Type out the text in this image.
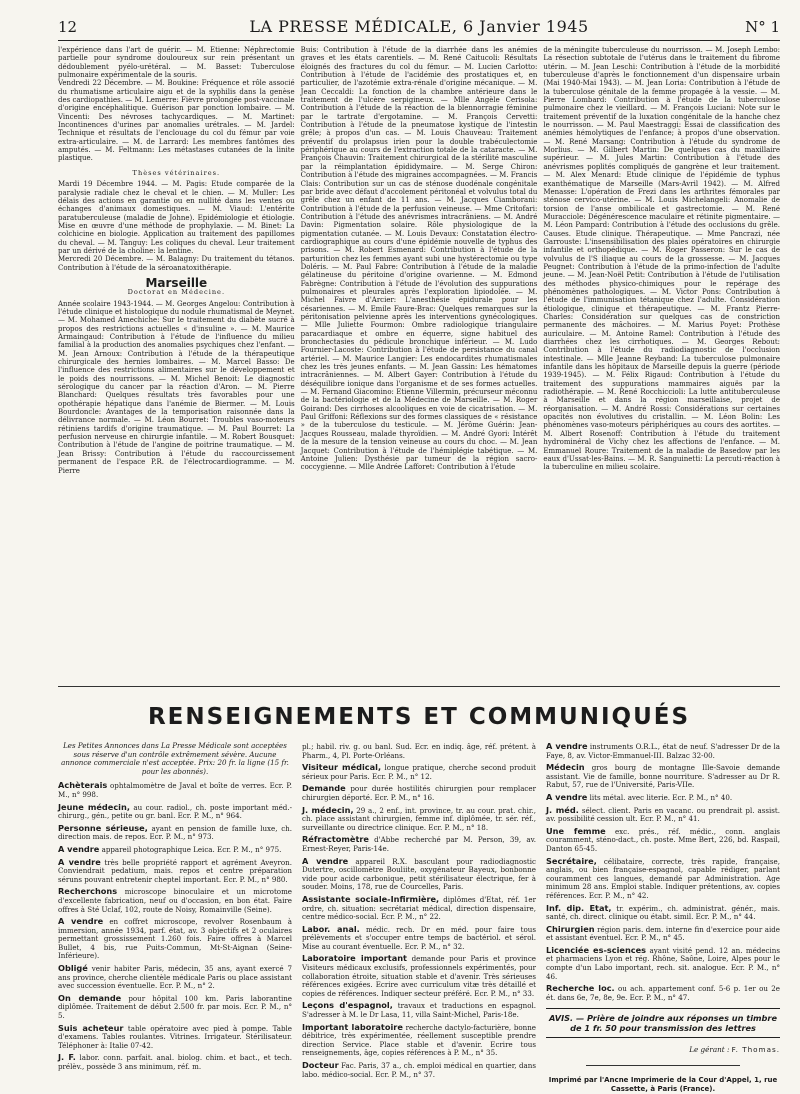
12	LA PRESSE MÉDICALE, 6 Janvier 1945	N° 1

l'expérience dans l'art de guérir. — M. Etienne: Néphrectomie partielle pour syndrome douloureux sur rein présentant un dédoublement pyélo-urétéral. — M. Basset: Tuberculose pulmonaire expérimentale de la souris.

Vendredi 22 Décembre. — M. Boukine: Fréquence et rôle associé du rhumatisme articulaire aigu et de la syphilis dans la genèse des cardiopathies. — M. Lemerre: Fièvre prolongée post-vaccinale d'origine encéphalitique. Guérison par ponction lombaire. — M. Vincenti: Des névroses tachycardiques. — M. Martinet: Incontinences d'urines par anomalies urétrales. — M. Jardel: Technique et résultats de l'enclouage du col du fémur par voie extra-articulaire. — M. de Larrard: Les membres fantômes des amputés. — M. Feltmann: Les métastases cutanées de la linite plastique.

Thèses vétérinaires.

Mardi 19 Décembre 1944. — M. Pagis: Etude comparée de la paralysie radiale chez le cheval et le chien. — M. Muller: Les délais des actions en garantie ou en nullité dans les ventes ou échanges d'animaux domestiques. — M. Viaud: L'entérite paratuberculeuse (maladie de Johne). Epidémiologie et étiologie. Mise en œuvre d'une méthode de prophylaxie. — M. Binet: La colchicine en biologie. Application au traitement des papillomes du cheval. — M. Tanguy: Les coliques du cheval. Leur traitement par un dérivé de la choline: la lentine.

Mercredi 20 Décembre. — M. Balagny: Du traitement du tétanos. Contribution à l'étude de la séroanatoxithérapie.

Marseille
Doctorat en Médecine.

Année scolaire 1943-1944. — M. Georges Angelou: Contribution à l'étude clinique et histologique du nodule rhumatismal de Meynet. — M. Mohamed Amechiche: Sur le traitement du diabète sucré à propos des restrictions actuelles « d'insuline ». — M. Maurice Armaingaud: Contribution à l'étude de l'influence du milieu familial à la production des anomalies psychiques chez l'enfant. — M. Jean Arnoux: Contribution à l'étude de la thérapeutique chirurgicale des hernies lombaires. — M. Marcel Basso: De l'influence des restrictions alimentaires sur le développement et le poids des nourrissons. — M. Michel Benoit: Le diagnostic sérologique du cancer par la réaction d'Aron. — M. Pierre Blanchard: Quelques résultats très favorables pour une opothérapie hépatique dans l'anémie de Biermer. — M. Louis Bourdoncle: Avantages de la temporisation raisonnée dans la délivrance normale. — M. Léon Bourret: Troubles vaso-moteurs rétiniens tardifs d'origine traumatique. — M. Paul Bourret: La perfusion nerveuse en chirurgie infantile. — M. Robert Bousquet: Contribution à l'étude de l'angine de poitrine traumatique. — M. Jean Brissy: Contribution à l'étude du raccourcissement permanent de l'espace P.R. de l'électrocardiogramme. — M. Pierre

Buis: Contribution à l'étude de la diarrhée dans les anémies graves et les états carentiels. — M. René Caitucoli: Résultats éloignés des fractures du col du fémur. — M. Lucien Carlotto: Contribution à l'étude de l'acidémie des prostatiques et, en particulier, de l'azotémie extra-rénale d'origine mécanique. — M. Jean Ceccaldi: La fonction de la chambre antérieure dans le traitement de l'ulcère serpigineux. — Mlle Angèle Cerisola: Contribution à l'étude de la réaction de la blennorragie féminine par le tartrate d'ergotamine. — M. François Cervetti: Contribution à l'étude de la pneumatose kystique de l'intestin grêle; à propos d'un cas. — M. Louis Chauveau: Traitement préventif du prolapsus irien pour la double trabéculectomie périphérique au cours de l'extraction totale de la cataracte. — M. François Chauvin: Traitement chirurgical de la stérilité masculine par la réimplantation épididymaire. — M. Serge Chiron: Contribution à l'étude des migraines accompagnées. — M. Francis Clais: Contribution sur un cas de sténose duodénale congénitale par bride avec défaut d'accolement péritonéal et volvulus total du grêle chez un enfant de 11 ans. — M. Jacques Ciamborani: Contribution à l'étude de la perfusion veineuse. — Mme Critofari: Contribution à l'étude des anévrismes intracrâniens. — M. André Davin: Pigmentation solaire. Rôle physiologique de la pigmentation cutanée. — M. Louis Devaux: Constatation électro-cardiographique au cours d'une épidémie nouvelle de typhus des prisons. — M. Robert Esmenard: Contribution à l'étude de la parturition chez les femmes ayant subi une hystérectomie ou type Doléris. — M. Paul Fabre: Contribution à l'étude de la maladie gélatineuse du péritoine d'origine ovarienne. — M. Edmond Fabrègne: Contribution à l'étude de l'évolution des suppurations pulmonaires et pleurales après l'exploration lipiodolée. — M. Michel Faivre d'Arcier: L'anesthésie épidurale pour les césariennes. — M. Emile Faure-Brac: Quelques remarques sur la péritonisation pelvienne après les interventions gynécologiques. — Mlle Juliette Fourmon: Ombre radiologique triangulaire paracardiaque et ombre en équerre, signe habituel des bronchectasies du pédicule bronchique inférieur. — M. Ludo Fournier-Lacoste: Contribution à l'étude de persistance du canal artériel. — M. Maurice Langier: Les endocardites rhumatismales chez les très jeunes enfants. — M. Jean Gassin: Les hématomes intracrâniennes. — M. Albert Gayer: Contribution à l'étude du déséquilibre ionique dans l'organisme et de ses formes actuelles. — M. Fernand Giacomino: Etienne Villermin, précurseur méconnu de la bactériologie et de la Médecine de Marseille. — M. Roger Goirand: Des cirrhoses alcooliques en voie de cicatrisation. — M. Paul Griffoni: Réflexions sur des formes classiques de « résistance » de la tuberculose du testicule. — M. Jérôme Guérin: Jean-Jacques Rousseau, malade thyroïdien. — M. André Gyori: Intérêt de la mesure de la tension veineuse au cours du choc. — M. Jean Jacquet: Contribution à l'étude de l'hémiplégie tabétique. — M. Antoine Julien: Dysthésie par tumeur de la région sacro-coccygienne. — Mlle Andrée Lafforet: Contribution à l'étude

de la méningite tuberculeuse du nourrisson. — M. Joseph Lembo: La résection subtotale de l'utérus dans le traitement du fibrome utérin. — M. Jean Leschi: Contribution à l'étude de la morbidité tuberculeuse d'après le fonctionnement d'un dispensaire urbain (Mai 1940-Mai 1943). — M. Jean Loria: Contribution à l'étude de la tuberculose génitale de la femme propagée à la vessie. — M. Pierre Lombard: Contribution à l'étude de la tuberculose pulmonaire chez le vieillard. — M. François Luciani: Note sur le traitement préventif de la luxation congénitale de la hanche chez le nourrisson. — M. Paul Maestraggi: Essai de classification des anémies hémolytiques de l'enfance; à propos d'une observation. — M. René Marsang: Contribution à l'étude du syndrome de Morlius. — M. Gilbert Martin: De quelques cas du maxillaire supérieur. — M. Jules Martin: Contribution à l'étude des anévrismes poplités compliqués de gangrène et leur traitement. — M. Alex Menard: Etude clinique de l'épidémie de typhus exanthématique de Marseille (Mars-Avril 1942). — M. Alfred Menasse: L'opération de Frezi dans les arthrites fémorales par sténose cervico-utérine. — M. Louis Michelangeli: Anomalie de torsion de l'anse ombilicale et gastrectomie. — M. René Muracciole: Dégénérescence maculaire et rétinite pigmentaire. — M. Léon Pampard: Contribution à l'étude des occlusions du grêle. Causes. Etude clinique. Thérapeutique. — Mme Pancrazi, née Garrouste: L'insensibilisation des plaies opératoires en chirurgie infantile et orthopédique. — M. Roger Passeron: Sur le cas de volvulus de l'S iliaque au cours de la grossesse. — M. Jacques Peugnet: Contribution à l'étude de la primo-infection de l'adulte jeune. — M. Jean-Noël Petit: Contribution à l'étude de l'utilisation des méthodes physico-chimiques pour le repérage des phénomènes pathologiques. — M. Victor Pons: Contribution à l'étude de l'immunisation tétanique chez l'adulte. Considération étiologique, clinique et thérapeutique. — M. Frantz Pierre-Charles: Considération sur quelques cas de constriction permanente des mâchoires. — M. Marius Poyet: Prothèse auriculaire. — M. Antoine Ramel: Contribution à l'étude des diarrhées chez les cirrhotiques. — M. Georges Rebout: Contribution à l'étude du radiodiagnostic de l'occlusion intestinale. — Mlle Jeanne Reyband: La tuberculose pulmonaire infantile dans les hôpitaux de Marseille depuis la guerre (période 1939-1945). — M. Félix Rigaud: Contribution à l'étude du traitement des suppurations mammaires aiguës par la radiothérapie. — M. René Rocchiccioli: La lutte antituberculeuse à Marseille et dans la région marseillaise, projet de réorganisation. — M. André Rossi: Considérations sur certaines opacités non évolutives du cristallin. — M. Léon Bolin: Les phénomènes vaso-moteurs périphériques au cours des aortites. — M. Albert Rosenoff: Contribution à l'étude du traitement hydrominéral de Vichy chez les affections de l'enfance. — M. Emmanuel Roure: Traitement de la maladie de Basedow par les eaux d'Ussat-les-Bains. — M. R. Sanguinetti: La percuti-réaction à la tuberculine en milieu scolaire.

RENSEIGNEMENTS ET COMMUNIQUÉS

Les Petites Annonces dans La Presse Médicale sont acceptées sous réserve d'un contrôle extrêmement sévère. Aucune annonce commerciale n'est acceptée. Prix: 20 fr. la ligne (15 fr. pour les abonnés).

Achèterais ophtalmomètre de Javal et boîte de verres. Ecr. P. M., n° 998.

Jeune médecin, au cour. radiol., ch. poste important méd.-chirurg., gén., petite ou gr. banl. Ecr. P. M., n° 964.

Personne sérieuse, ayant en pension de famille luxe, ch. direction mais. de repos. Ecr. P. M., n° 973.

A vendre appareil photographique Leica. Ecr. P. M., n° 975.

A vendre très belle propriété rapport et agrément Aveyron. Conviendrait pedatium, mais. repos et centre préparation séruns pouvant entretenir cheptel important. Ecr. P. M., n° 980.

Recherchons microscope binoculaire et un microtome d'excellente fabrication, neuf ou d'occasion, en bon état. Faire offres à Sté Uclaf, 102, route de Noisy, Romainville (Seine).

A vendre en coffret microscope, revolver Rosenbaum à immersion, année 1934, parf. état, av. 3 objectifs et 2 oculaires permettant grossissement 1.260 fois. Faire offres à Marcel Bullet, 4 bis, rue Puits-Commun, Mt-St-Aignan (Seine-Inférieure).

Obligé venir habiter Paris, médecin, 35 ans, ayant exercé 7 ans province, cherche clientèle médicale Paris ou place assistant avec succession éventuelle. Ecr. P. M., n° 2.

On demande pour hôpital 100 km. Paris laborantine diplômée. Traitement de début 2.500 fr. par mois. Ecr. P. M., n° 5.

Suis acheteur table opératoire avec pied à pompe. Table d'examens. Tables roulantes. Vitrines. Irrigateur. Stérilisateur. Téléphoner à: Italie 07-42.

J. F. labor. conn. parfait. anal. biolog. chim. et bact., et tech. prélèv., possède 3 ans minimum, réf. m.

pl.; habil. riv. g. ou banl. Sud. Ecr. en indiq. âge, réf. prétent. à Pharm., 4, Pl. Porte-Orléans.

Visiteur médical, longue pratique, cherche second produit sérieux pour Paris. Ecr. P. M., n° 12.

Demande pour durée hostilités chirurgien pour remplacer chirurgien déporté. Ecr. P. M., n° 16.

J. médecin, 29 a., 2 enf., int. province, tr. au cour. prat. chir., ch. place assistant chirurgien, femme inf. diplômée, tr. sér. réf., surveillante ou directrice clinique. Ecr. P. M., n° 18.

Réfractomètre d'Abbe recherché par M. Person, 39, av. Ernest-Reyer, Paris-14e.

A vendre appareil R.X. basculant pour radiodiagnostic Dutertre, oscillomètre Bouliite, oxygénateur Bayeux, bonbonne vide pour acide carbonique, petit stérilisateur électrique, fer à souder. Moins, 178, rue de Courcelles, Paris.

Assistante sociale-Infirmière, diplômes d'Etat, réf. 1er ordre, ch. situation: secrétariat médical, direction dispensaire, centre médico-social. Ecr. P. M., n° 22.

Labor. anal. médic. rech. Dr en méd. pour faire tous prélèvements et s'occuper entre temps de bactériol. et sérol. Mise au courant éventuelle. Ecr. P. M., n° 32.

Laboratoire important demande pour Paris et province Visiteurs médicaux exclusifs, professionnels expérimentés, pour collaboration étroite, situation stable et d'avenir. Très sérieuses références exigées. Ecrire avec curriculum vitæ très détaillé et copies de références. Indiquer secteur préféré. Ecr. P. M., n° 33.

Leçons d'espagnol, travaux et traductions en espagnol. S'adresser à M. le Dr Lasa, 11, villa Saint-Michel, Paris-18e.

Important laboratoire recherche dactylo-facturière, bonne débitrice, très expérimentée, réellement susceptible prendre direction Service. Place stable et d'avenir. Ecrire tous renseignements, âge, copies références à P. M., n° 35.

Docteur Fac. Paris, 37 a., ch. emploi médical en quartier, dans labo. médico-social. Ecr. P. M., n° 37.

A vendre instruments O.R.L., état de neuf. S'adresser Dr de la Faye, 8, av. Victor-Emmanuel-III. Balzac 32-00.

Médecin gros bourg de montagne Ille-Savoie demande assistant. Vie de famille, bonne nourriture. S'adresser au Dr R. Rabut, 57, rue de l'Université, Paris-VIIe.

A vendre lits métal. avec literie. Ecr. P. M., n° 40.

J. méd. sélect. client. Paris en vacanc. ou prendrait pl. assist. av. possibilité cession ult. Ecr. P. M., n° 41.

Une femme exc. prés., réf. médic., conn. anglais couramment, sténo-dact., ch. poste. Mme Bert, 226, bd. Raspail, Danton 65-45.

Secrétaire, célibataire, correcte, très rapide, française, anglais, ou bien française-espagnol, capable rédiger, parlant couramment ces langues, demandé par Administration. Age minimum 28 ans. Emploi stable. Indiquer prétentions, av. copies références. Ecr. P. M., n° 42.

Inf. dip. Etat, tr. expérim., ch. administrat. génér., mais. santé, ch. direct. clinique ou étabt. simil. Ecr. P. M., n° 44.

Chirurgien région paris. dem. interne fin d'exercice pour aide et assistant éventuel. Ecr. P. M., n° 45.

Licenciée es-sciences ayant visité pend. 12 an. médecins et pharmaciens Lyon et rég. Rhône, Saône, Loire, Alpes pour le compte d'un Labo important, rech. sit. analogue. Ecr. P. M., n° 46.

Recherche loc. ou ach. appartement conf. 5-6 p. 1er ou 2e ét. dans 6e, 7e, 8e, 9e. Ecr. P. M., n° 47.

AVIS. — Prière de joindre aux réponses un timbre de 1 fr. 50 pour transmission des lettres
Le gérant : F. Thomas.
Imprimé par l'Ancne Imprimerie de la Cour d'Appel, 1, rue Cassette, à Paris (France).
